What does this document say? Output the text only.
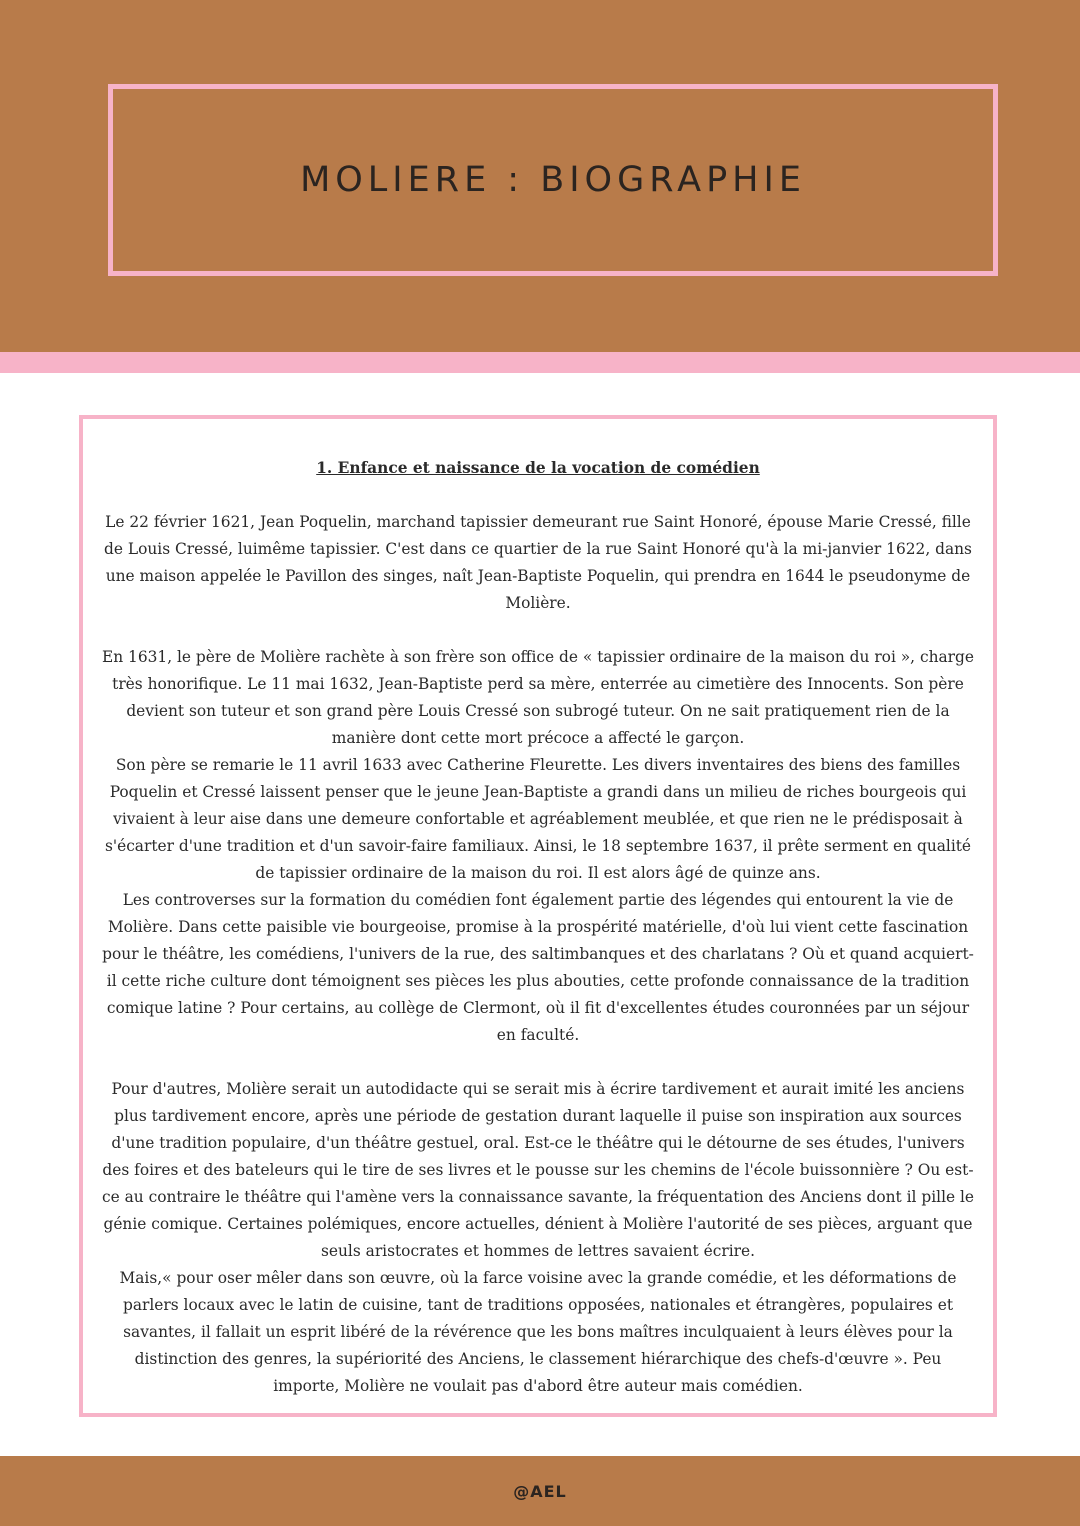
MOLIERE : BIOGRAPHIE

1. Enfance et naissance de la vocation de comédien

Le 22 février 1621, Jean Poquelin, marchand tapissier demeurant rue Saint Honoré, épouse Marie Cressé, fille de Louis Cressé, luimême tapissier. C'est dans ce quartier de la rue Saint Honoré qu'à la mi-janvier 1622, dans une maison appelée le Pavillon des singes, naît Jean-Baptiste Poquelin, qui prendra en 1644 le pseudonyme de Molière.

En 1631, le père de Molière rachète à son frère son office de « tapissier ordinaire de la maison du roi », charge très honorifique. Le 11 mai 1632, Jean-Baptiste perd sa mère, enterrée au cimetière des Innocents. Son père devient son tuteur et son grand père Louis Cressé son subrogé tuteur. On ne sait pratiquement rien de la manière dont cette mort précoce a affecté le garçon.

Son père se remarie le 11 avril 1633 avec Catherine Fleurette. Les divers inventaires des biens des familles Poquelin et Cressé laissent penser que le jeune Jean-Baptiste a grandi dans un milieu de riches bourgeois qui vivaient à leur aise dans une demeure confortable et agréablement meublée, et que rien ne le prédisposait à s'écarter d'une tradition et d'un savoir-faire familiaux. Ainsi, le 18 septembre 1637, il prête serment en qualité de tapissier ordinaire de la maison du roi. Il est alors âgé de quinze ans.

Les controverses sur la formation du comédien font également partie des légendes qui entourent la vie de Molière. Dans cette paisible vie bourgeoise, promise à la prospérité matérielle, d'où lui vient cette fascination pour le théâtre, les comédiens, l'univers de la rue, des saltimbanques et des charlatans ? Où et quand acquiert-il cette riche culture dont témoignent ses pièces les plus abouties, cette profonde connaissance de la tradition comique latine ? Pour certains, au collège de Clermont, où il fit d'excellentes études couronnées par un séjour en faculté.

Pour d'autres, Molière serait un autodidacte qui se serait mis à écrire tardivement et aurait imité les anciens plus tardivement encore, après une période de gestation durant laquelle il puise son inspiration aux sources d'une tradition populaire, d'un théâtre gestuel, oral. Est-ce le théâtre qui le détourne de ses études, l'univers des foires et des bateleurs qui le tire de ses livres et le pousse sur les chemins de l'école buissonnière ? Ou est-ce au contraire le théâtre qui l'amène vers la connaissance savante, la fréquentation des Anciens dont il pille le génie comique. Certaines polémiques, encore actuelles, dénient à Molière l'autorité de ses pièces, arguant que seuls aristocrates et hommes de lettres savaient écrire.

Mais,« pour oser mêler dans son œuvre, où la farce voisine avec la grande comédie, et les déformations de parlers locaux avec le latin de cuisine, tant de traditions opposées, nationales et étrangères, populaires et savantes, il fallait un esprit libéré de la révérence que les bons maîtres inculquaient à leurs élèves pour la distinction des genres, la supériorité des Anciens, le classement hiérarchique des chefs-d'œuvre ». Peu importe, Molière ne voulait pas d'abord être auteur mais comédien.

@AEL
